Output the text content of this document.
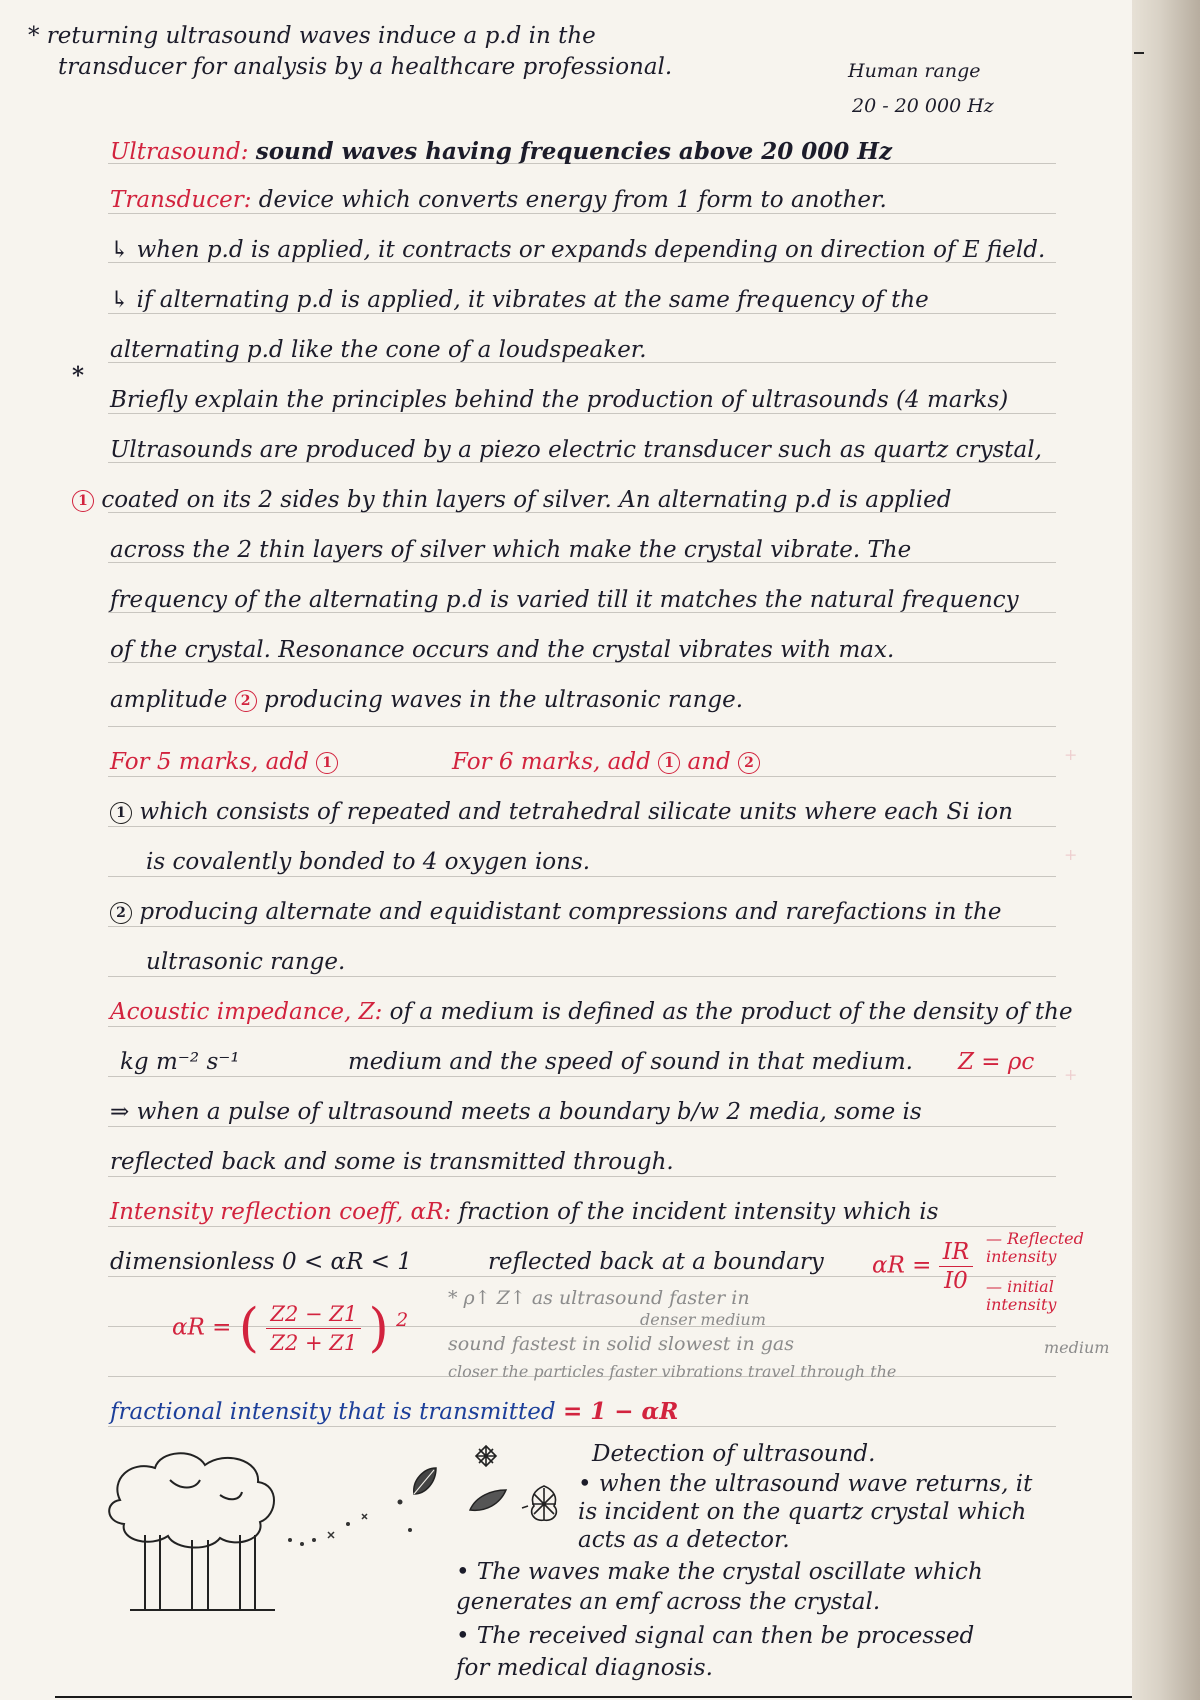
+
+
+
* returning ultrasound waves induce a p.d in the
transducer for analysis by a healthcare professional.	Human range
20 - 20 000 Hz
Ultrasound: sound waves having frequencies above 20 000 Hz
Transducer: device which converts energy from 1 form to another.
↳ when p.d is applied, it contracts or expands depending on direction of E field.
↳ if alternating p.d is applied, it vibrates at the same frequency of the
alternating p.d like the cone of a loudspeaker.
*
Briefly explain the principles behind the production of ultrasounds (4 marks)
Ultrasounds are produced by a piezo electric transducer such as quartz crystal,
1 coated on its 2 sides by thin layers of silver. An alternating p.d is applied
across the 2 thin layers of silver which make the crystal vibrate. The
frequency of the alternating p.d is varied till it matches the natural frequency
of the crystal. Resonance occurs and the crystal vibrates with max.
amplitude 2 producing waves in the ultrasonic range.
For 5 marks, add 1	For 6 marks, add 1 and 2
1 which consists of repeated and tetrahedral silicate units where each Si ion
is covalently bonded to 4 oxygen ions.
2 producing alternate and equidistant compressions and rarefactions in the
ultrasonic range.
Acoustic impedance, Z: of a medium is defined as the product of the density of the
kg m⁻² s⁻¹	medium and the speed of sound in that medium. Z = ρc
⇒ when a pulse of ultrasound meets a boundary b/w 2 media, some is
reflected back and some is transmitted through.
Intensity reflection coeff, αR: fraction of the incident intensity which is
dimensionless 0 < αR < 1	reflected back at a boundary $\alpha R = \frac{IR}{I0}$ — Reflected intensity
— initial intensity
αR = ( $\frac{Z2 - Z1}{Z2 + Z1}$ ) $^2$
* ρ↑ Z↑ as ultrasound faster in
denser medium
sound fastest in solid slowest in gas
closer the particles faster vibrations travel through the
medium
fractional intensity that is transmitted = 1 − αR
Detection of ultrasound.
• when the ultrasound wave returns, it
is incident on the quartz crystal which
acts as a detector.
• The waves make the crystal oscillate which
generates an emf across the crystal.
• The received signal can then be processed
for medical diagnosis.
